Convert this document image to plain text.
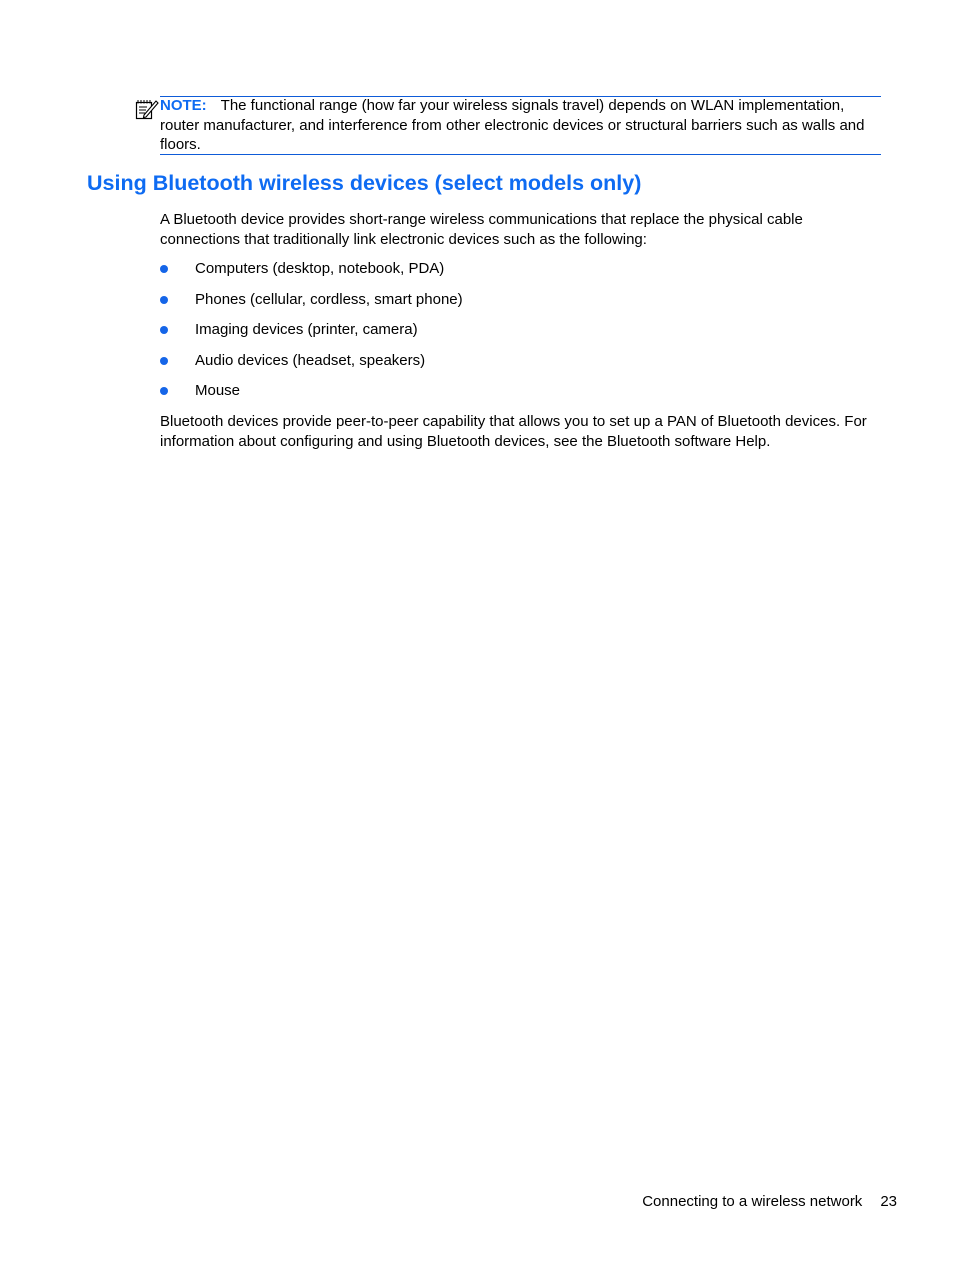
NOTE: The functional range (how far your wireless signals travel) depends on WLAN implementation, router manufacturer, and interference from other electronic devices or structural barriers such as walls and floors.
Using Bluetooth wireless devices (select models only)

A Bluetooth device provides short-range wireless communications that replace the physical cable connections that traditionally link electronic devices such as the following:

Computers (desktop, notebook, PDA)
Phones (cellular, cordless, smart phone)
Imaging devices (printer, camera)
Audio devices (headset, speakers)
Mouse

Bluetooth devices provide peer-to-peer capability that allows you to set up a PAN of Bluetooth devices. For information about configuring and using Bluetooth devices, see the Bluetooth software Help.

Connecting to a wireless network 23
